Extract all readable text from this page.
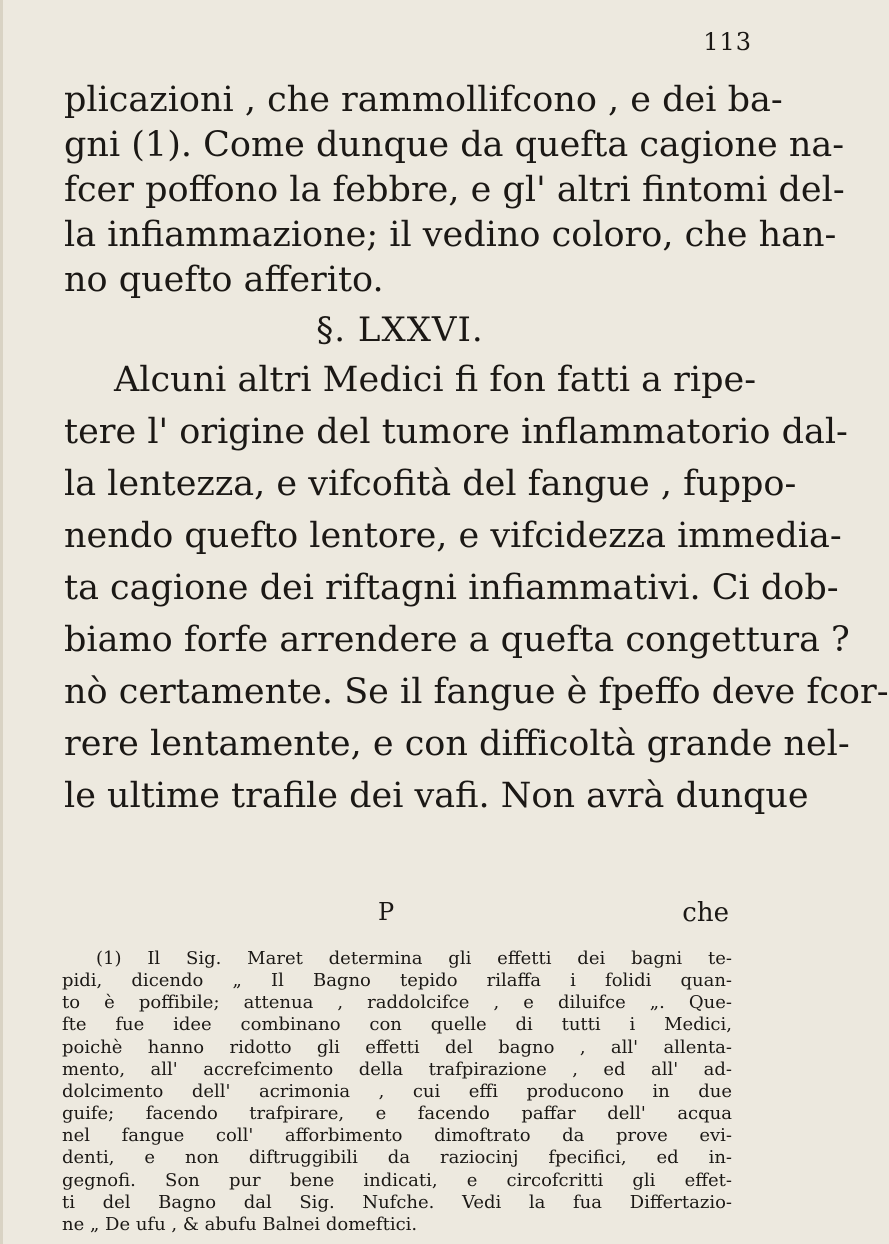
113
plicazioni , che rammollifcono , e dei ba-
gni (1). Come dunque da quefta cagione na-
fcer poffono la febbre, e gl' altri fintomi del-
la infiammazione; il vedino coloro, che han-
no quefto afferito.
§. LXXVI.
Alcuni altri Medici fi fon fatti a ripe-
tere l' origine del tumore inflammatorio dal-
la lentezza, e vifcofità del fangue , fuppo-
nendo quefto lentore, e vifcidezza immedia-
ta cagione dei riftagni infiammativi. Ci dob-
biamo forfe arrendere a quefta congettura ?
nò certamente. Se il fangue è fpeffo deve fcor-
rere lentamente, e con difficoltà grande nel-
le ultime trafile dei vafi. Non avrà dunque
P	che
(1) Il Sig. Maret determina gli effetti dei bagni te-
pidi, dicendo „ Il Bagno tepido rilaffa i folidi quan-
to è poffibile; attenua , raddolcifce , e diluifce „. Que-
fte fue idee combinano con quelle di tutti i Medici,
poichè hanno ridotto gli effetti del bagno , all' allenta-
mento, all' accrefcimento della trafpirazione , ed all' ad-
dolcimento dell' acrimonia , cui effi producono in due
guife; facendo trafpirare, e facendo paffar dell' acqua
nel fangue coll' afforbimento dimoftrato da prove evi-
denti, e non diftruggibili da raziocinj fpecifici, ed in-
gegnofi. Son pur bene indicati, e circofcritti gli effet-
ti del Bagno dal Sig. Nufche. Vedi la fua Differtazio-
ne „ De ufu , & abufu Balnei domeftici.
